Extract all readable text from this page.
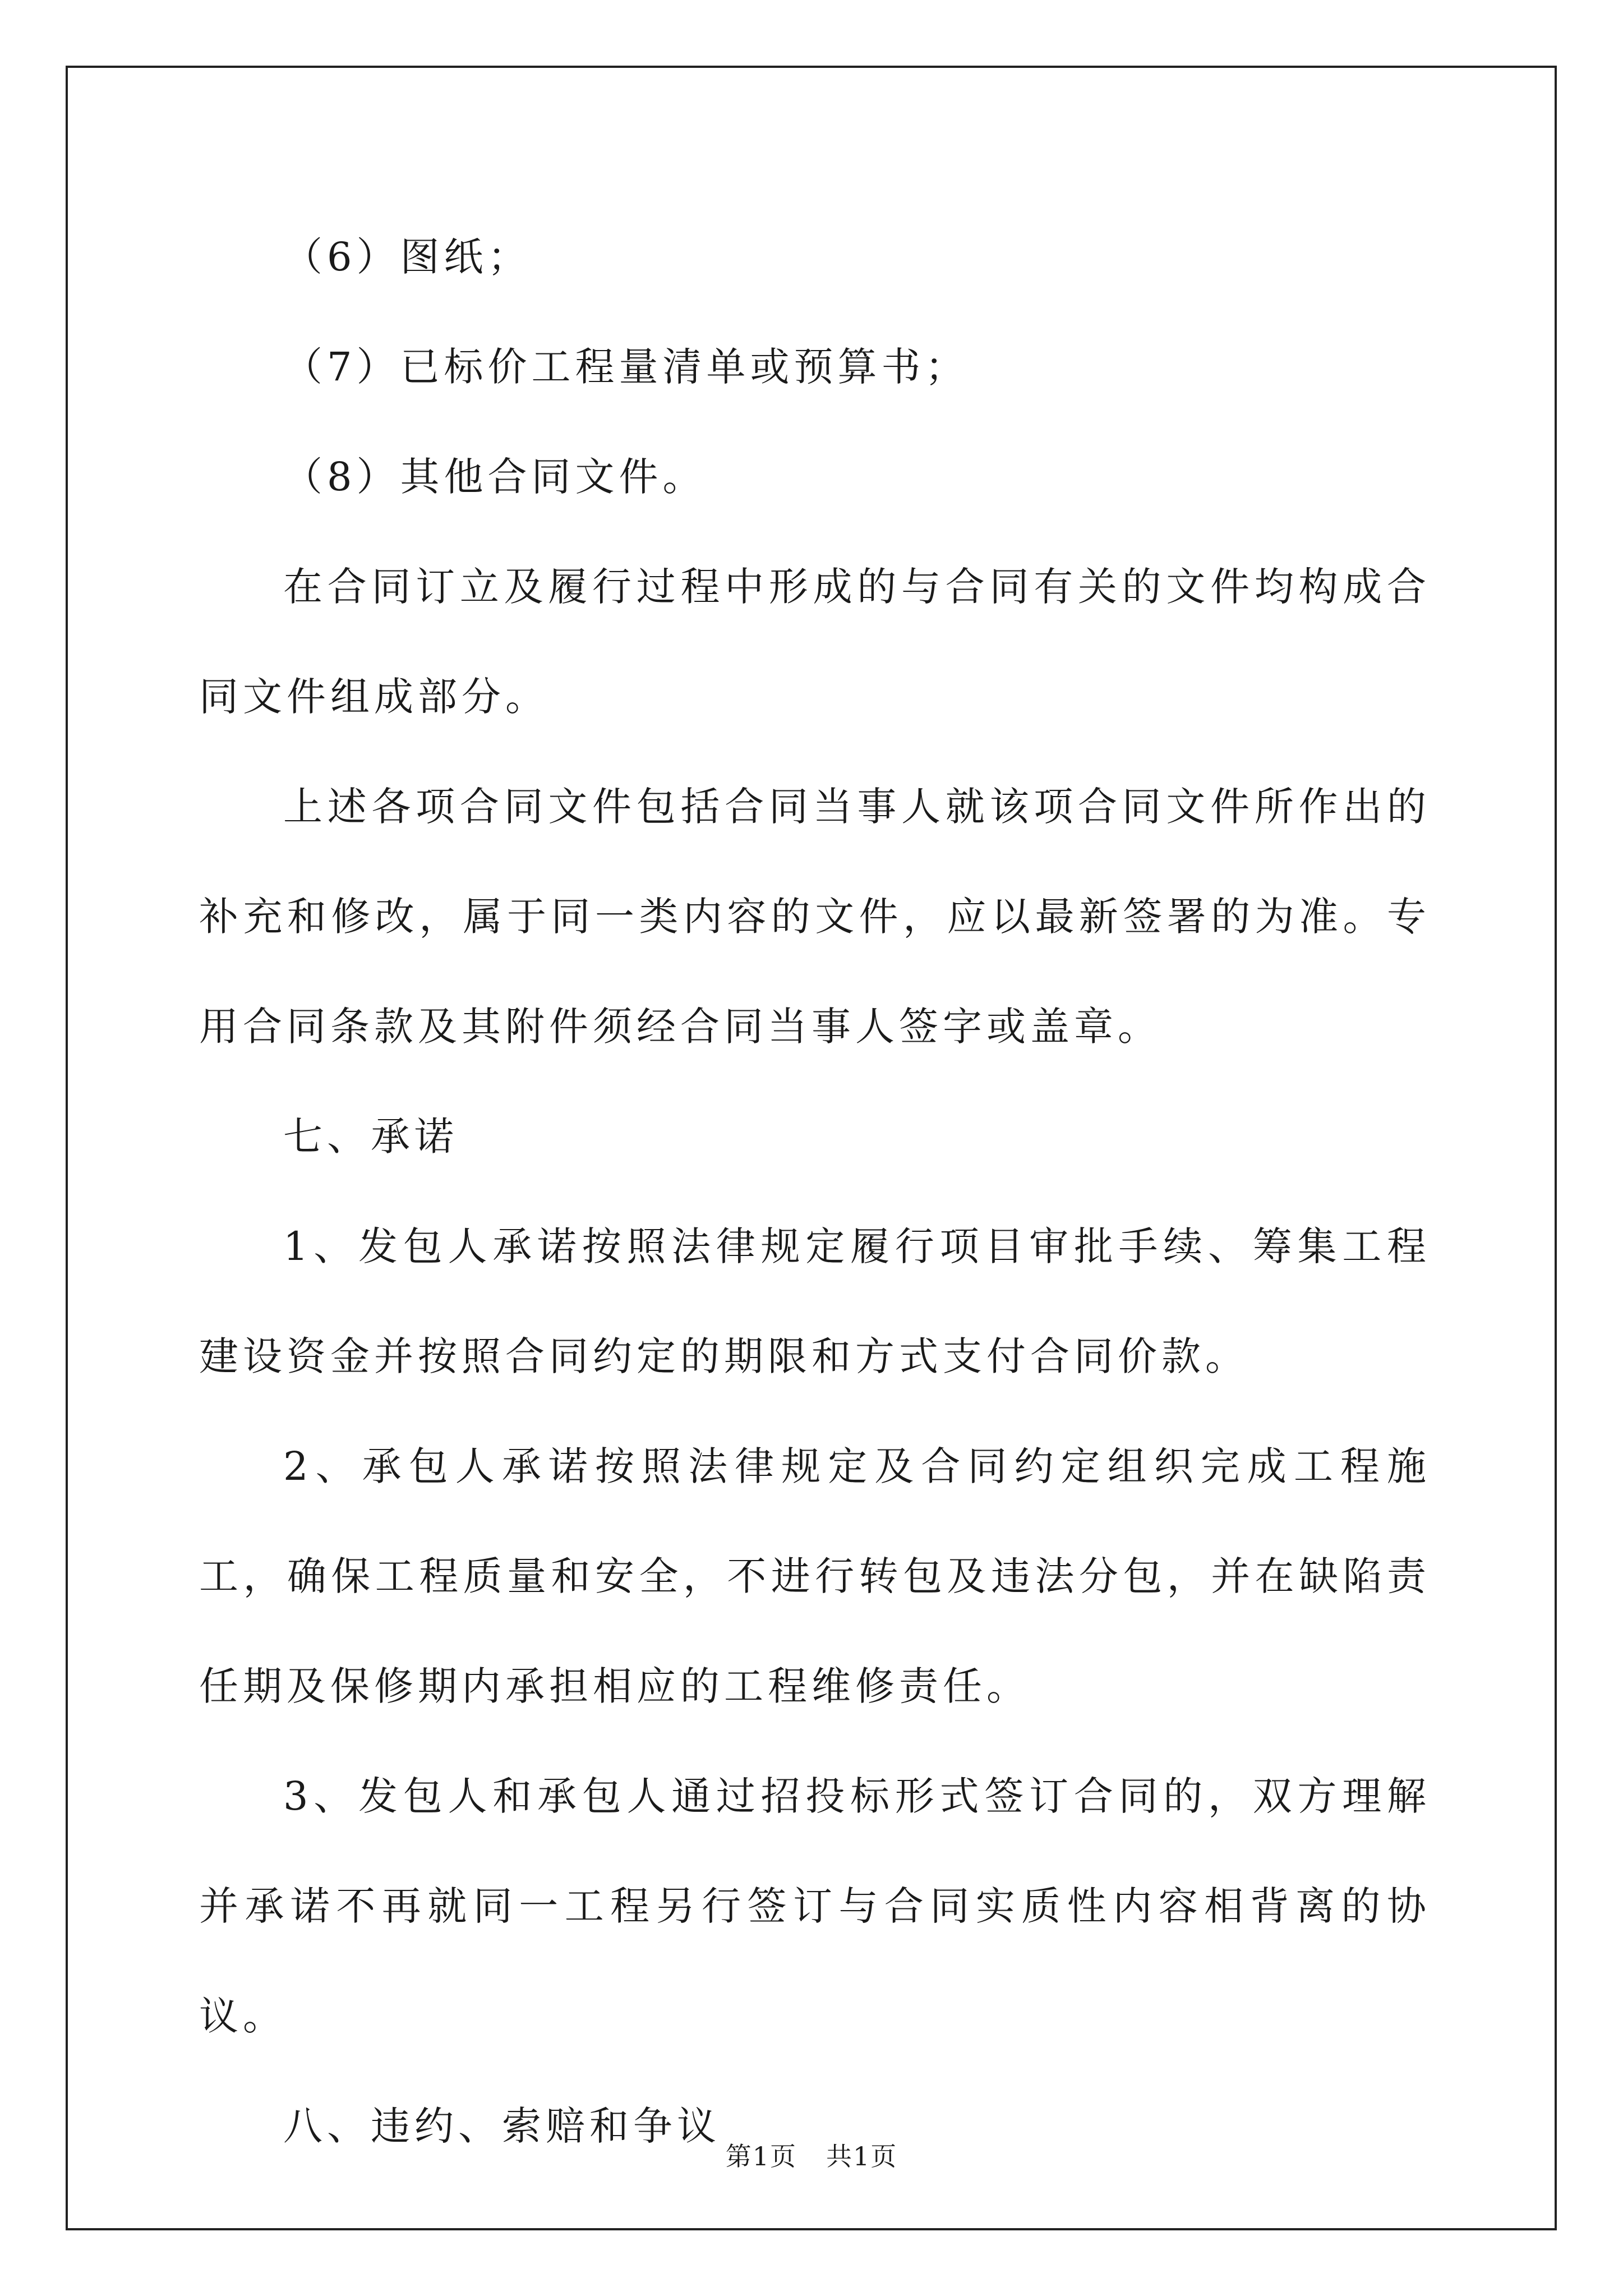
（6）图纸；

（7）已标价工程量清单或预算书；

（8）其他合同文件。

在合同订立及履行过程中形成的与合同有关的文件均构成合同文件组成部分。

上述各项合同文件包括合同当事人就该项合同文件所作出的补充和修改，属于同一类内容的文件，应以最新签署的为准。专用合同条款及其附件须经合同当事人签字或盖章。

七、承诺

1、发包人承诺按照法律规定履行项目审批手续、筹集工程建设资金并按照合同约定的期限和方式支付合同价款。

2、承包人承诺按照法律规定及合同约定组织完成工程施工，确保工程质量和安全，不进行转包及违法分包，并在缺陷责任期及保修期内承担相应的工程维修责任。

3、发包人和承包人通过招投标形式签订合同的，双方理解并承诺不再就同一工程另行签订与合同实质性内容相背离的协议。

八、违约、索赔和争议

第1页 共1页
